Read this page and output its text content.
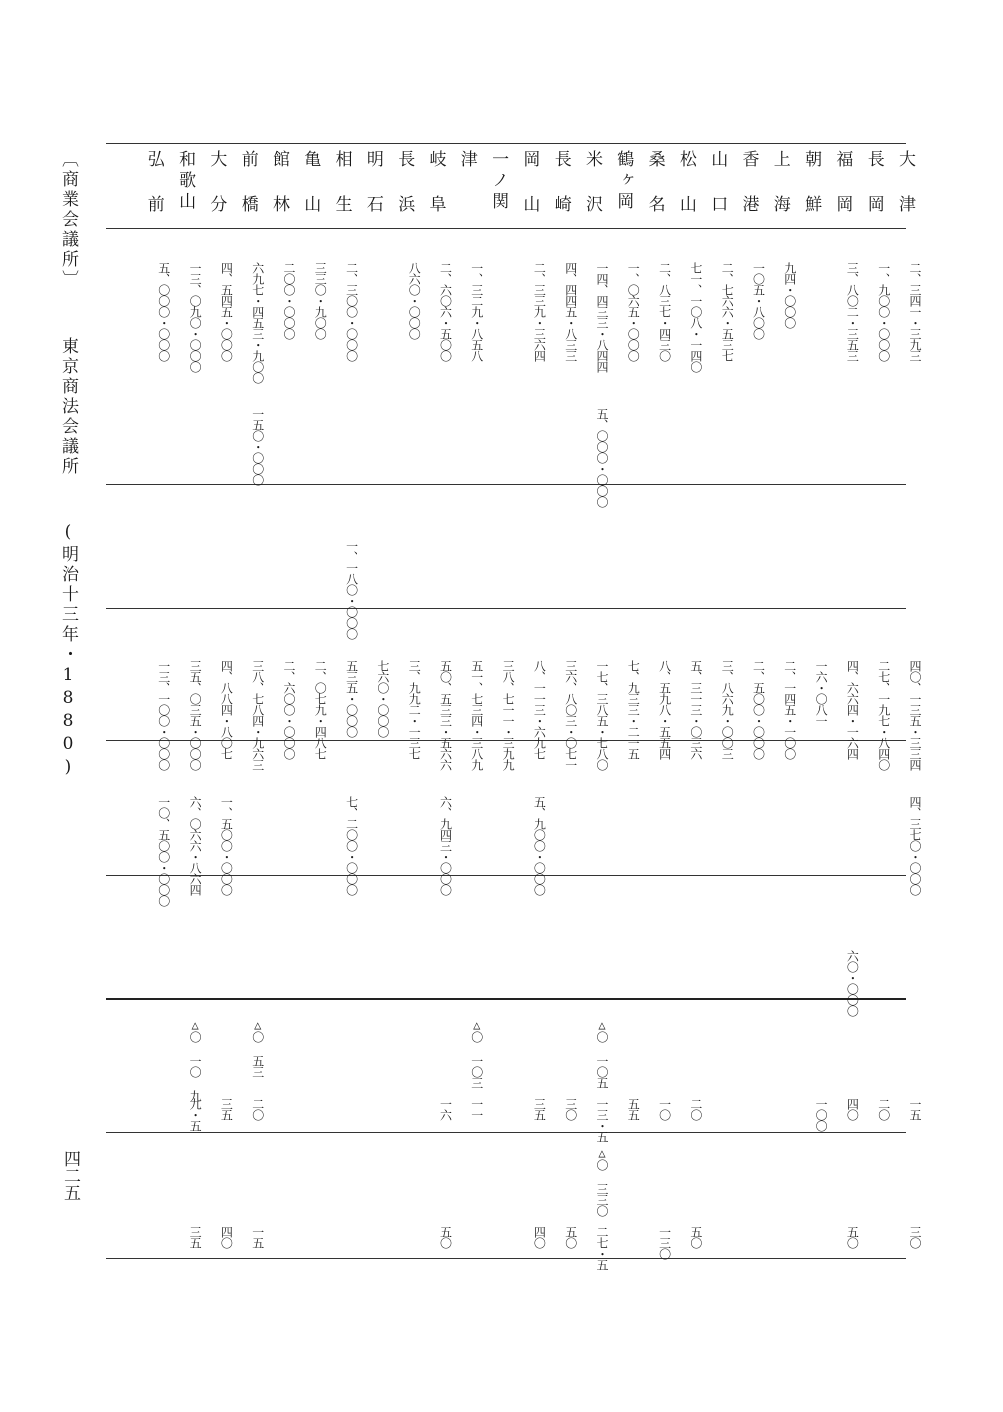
〔商業会議所〕 東京商法会議所 (明治十三年・1880)
四二五
大 津
二、三四一・三九三
四〇、一三五・三三四
四、三七〇・〇〇〇
一五
三〇
長 岡
一、九〇〇・〇〇〇
二七、一九七・八四〇
二〇
福 岡
三、八〇二・三五三
四、六六四・一六四
六〇・〇〇〇
四〇
五〇
朝 鮮
一六・〇八一
一〇〇
上 海
九四・〇〇〇
二、一四五・一〇〇
香 港
一〇五・八〇〇
二、五〇〇・〇〇〇
山 口
二、七六六・五三七
三、八六九・〇〇三
松 山
七一、一〇八・一四〇
五、三一三・〇三六
二〇
五〇
桑 名
二、八三七・四三〇
八、五九八・五五四
一〇
一三〇
鶴ヶ岡
一、〇六五・〇〇〇
七、九三三・二一五
五五
米 沢
一四、四三三・八四四
五、〇〇〇・〇〇〇
一七、三八五・七八〇
△〇 一〇五
一三・五
△〇 三三〇
二七・五
長 崎
四、四四五・八三三
三六、八〇三・〇七一
三〇
五〇
岡 山
二、三三九・三六四
八、一一三・六九七
五、九〇〇・〇〇〇
三五
四〇
一ノ関
三八、七一一・三九九
津
一、三二九・八五八
五一、七三四・三八九
△〇 一〇三
一一
岐 阜
二、六〇六・五〇〇
五〇、五三三・五六六
六、九四三・〇〇〇
一六
五〇
長 浜
八六〇・〇〇〇
三、九九二・一三七
明 石
七六〇・〇〇〇
相 生
二、三〇〇・〇〇〇
一、一八〇・〇〇〇
五三五・〇〇〇
七、二〇〇・〇〇〇
亀 山
三三〇・九〇〇
二、〇七九・四八七
館 林
二〇〇・〇〇〇
二、六〇〇・〇〇〇
前 橋
六九七・四五三・九〇〇
一五〇・〇〇〇
三八、七八四・九六三
△〇 五三
二〇
一五
大 分
四、五四五・〇〇〇
四、八八四・八〇七
一、五〇〇・〇〇〇
三五
四〇
和歌山
一三、〇九〇・〇〇〇
三五、〇三五・〇〇〇
六、〇六六・八六四
△〇 一〇 九
九・五
三五
弘 前
五、〇〇〇・〇〇〇
一三、一〇〇・〇〇〇
一〇、五〇〇・〇〇〇
